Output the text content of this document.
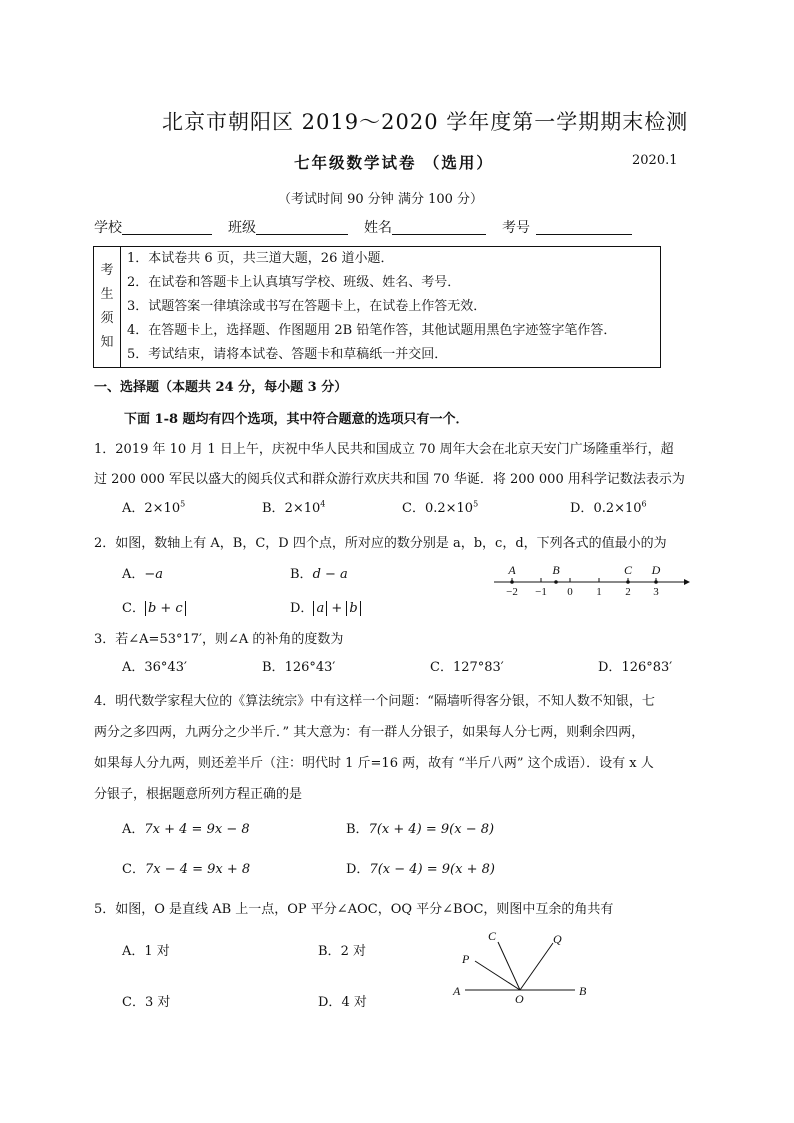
北京市朝阳区 2019～2020 学年度第一学期期末检测
七年级数学试卷 （选用）	2020.1
（考试时间 90 分钟 满分 100 分）
学校	班级	姓名	考号
考
生
须
知

1．本试卷共 6 页，共三道大题，26 道小题．
2．在试卷和答题卡上认真填写学校、班级、姓名、考号．
3．试题答案一律填涂或书写在答题卡上，在试卷上作答无效．
4．在答题卡上，选择题、作图题用 2B 铅笔作答，其他试题用黑色字迹签字笔作答．
5．考试结束，请将本试卷、答题卡和草稿纸一并交回．
一、选择题（本题共 24 分，每小题 3 分）
下面 1-8 题均有四个选项，其中符合题意的选项只有一个．
1．2019 年 10 月 1 日上午，庆祝中华人民共和国成立 70 周年大会在北京天安门广场隆重举行，超
过 200 000 军民以盛大的阅兵仪式和群众游行欢庆共和国 70 华诞．将 200 000 用科学记数法表示为
A．$2\times 10^5$	B．$2\times 10^4$	C．$0.2\times 10^5$	D．$0.2\times 10^6$
2．如图，数轴上有 A，B，C，D 四个点，所对应的数分别是 a，b，c，d，下列各式的值最小的为
A．−a	B．d − a
C． b + c	D． a + b
A	B	C D
−2 −1 0 1 2 3
3．若∠A=53°17′，则∠A 的补角的度数为
A．36°43′	B．126°43′	C．127°83′	D．126°83′
4．明代数学家程大位的《算法统宗》中有这样一个问题：“隔墙听得客分银，不知人数不知银，七
两分之多四两，九两分之少半斤．” 其大意为：有一群人分银子，如果每人分七两，则剩余四两，
如果每人分九两，则还差半斤（注：明代时 1 斤=16 两，故有 “半斤八两” 这个成语）．设有 x 人
分银子，根据题意所列方程正确的是
A．7x + 4 = 9x − 8	B．7(x + 4) = 9(x − 8)
C．7x − 4 = 9x + 8	D．7(x − 4) = 9(x + 8)
5．如图，O 是直线 AB 上一点，OP 平分∠AOC，OQ 平分∠BOC，则图中互余的角共有
A．1 对	B．2 对
C．3 对	D．4 对
A
O
B
C
P
Q
